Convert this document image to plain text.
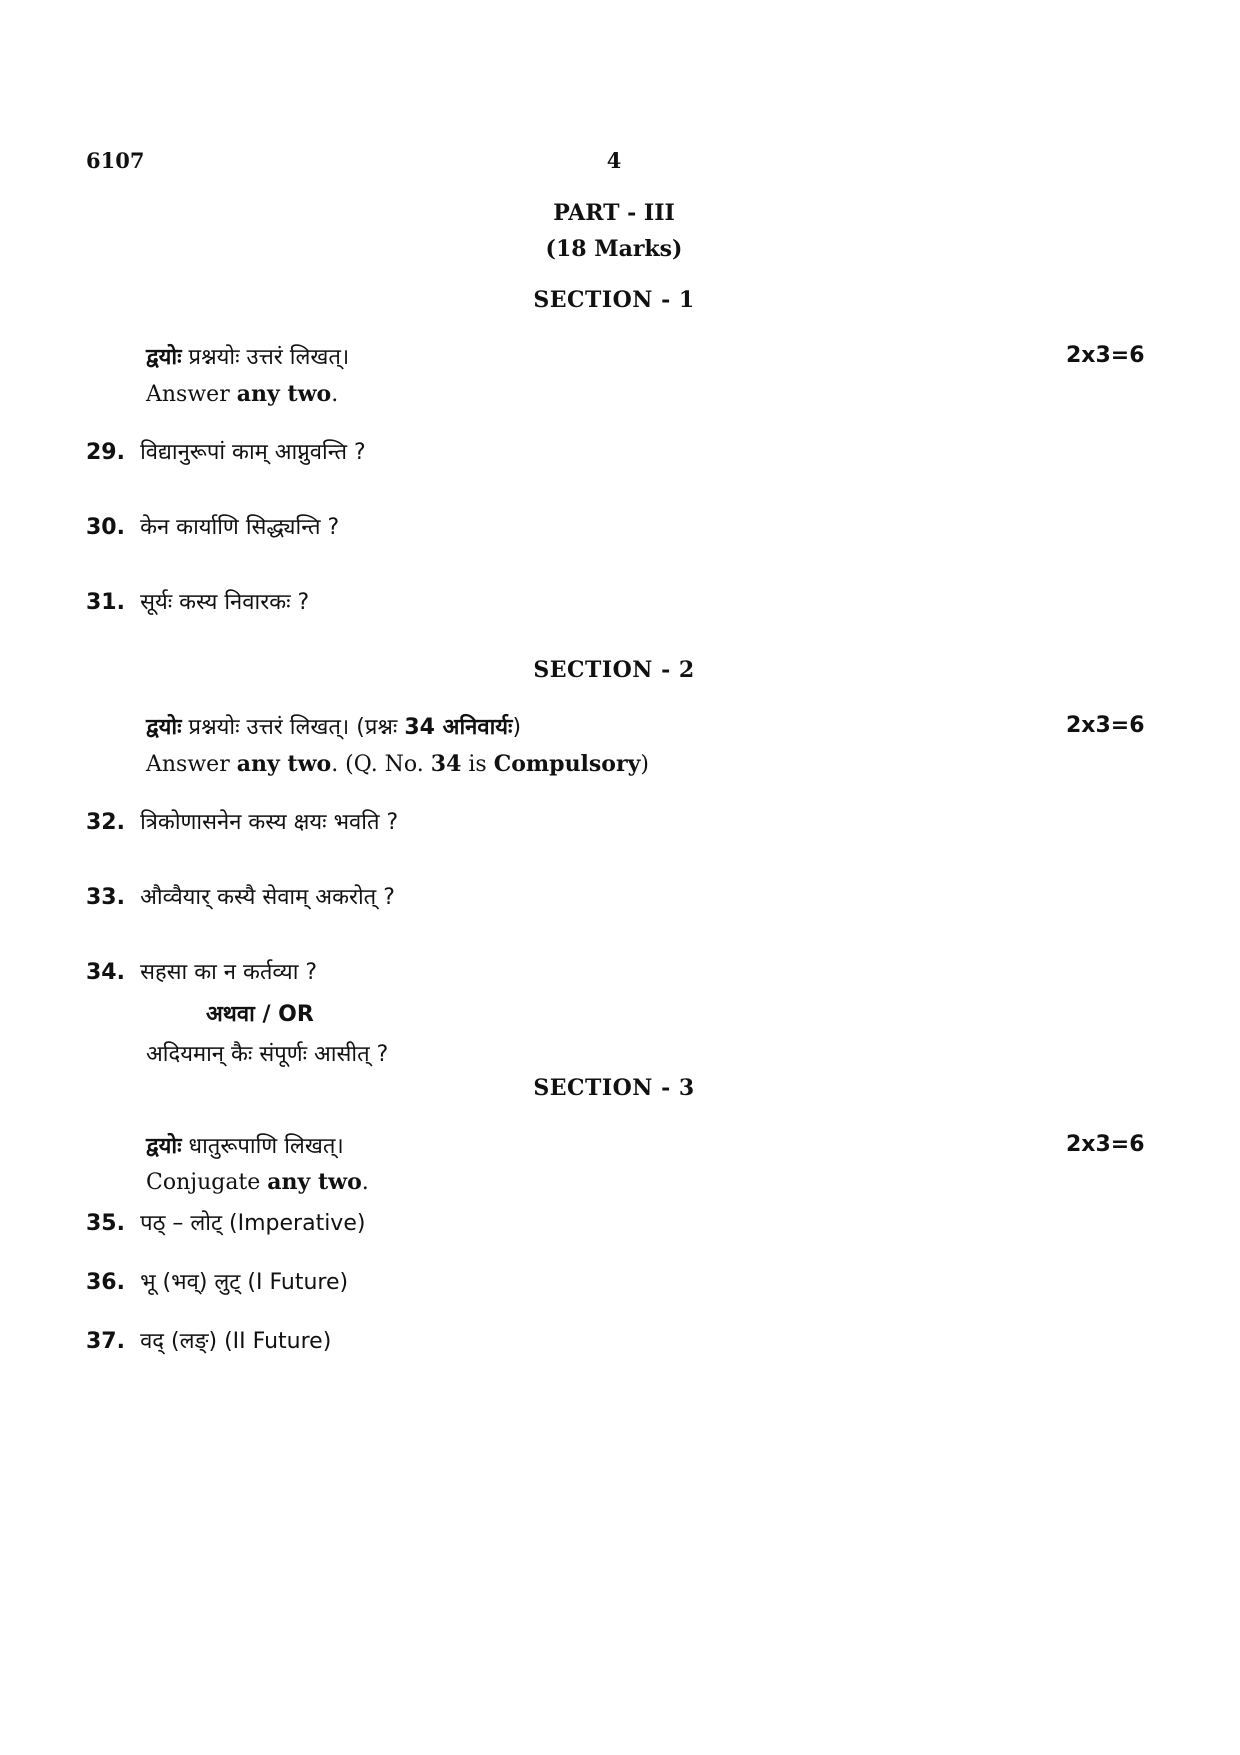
6107	4
PART - III
(18 Marks)
SECTION - 1
द्वयोः प्रश्नयोः उत्तरं लिखत्।	2x3=6
Answer any two.
29. विद्यानुरूपां काम् आप्नुवन्ति ?
30. केन कार्याणि सिद्ध्यन्ति ?
31. सूर्यः कस्य निवारकः ?
SECTION - 2
द्वयोः प्रश्नयोः उत्तरं लिखत्। (प्रश्नः 34 अनिवार्यः)	2x3=6
Answer any two. (Q. No. 34 is Compulsory)
32. त्रिकोणासनेन कस्य क्षयः भवति ?
33. औव्वैयार् कस्यै सेवाम् अकरोत् ?
34. सहसा का न कर्तव्या ?
अथवा / OR
अदियमान् कैः संपूर्णः आसीत् ?
SECTION - 3
द्वयोः धातुरूपाणि लिखत्।	2x3=6
Conjugate any two.
35. पठ् – लोट् (Imperative)
36. भू (भव्) लुट् (I Future)
37. वद् (लङ्) (II Future)
